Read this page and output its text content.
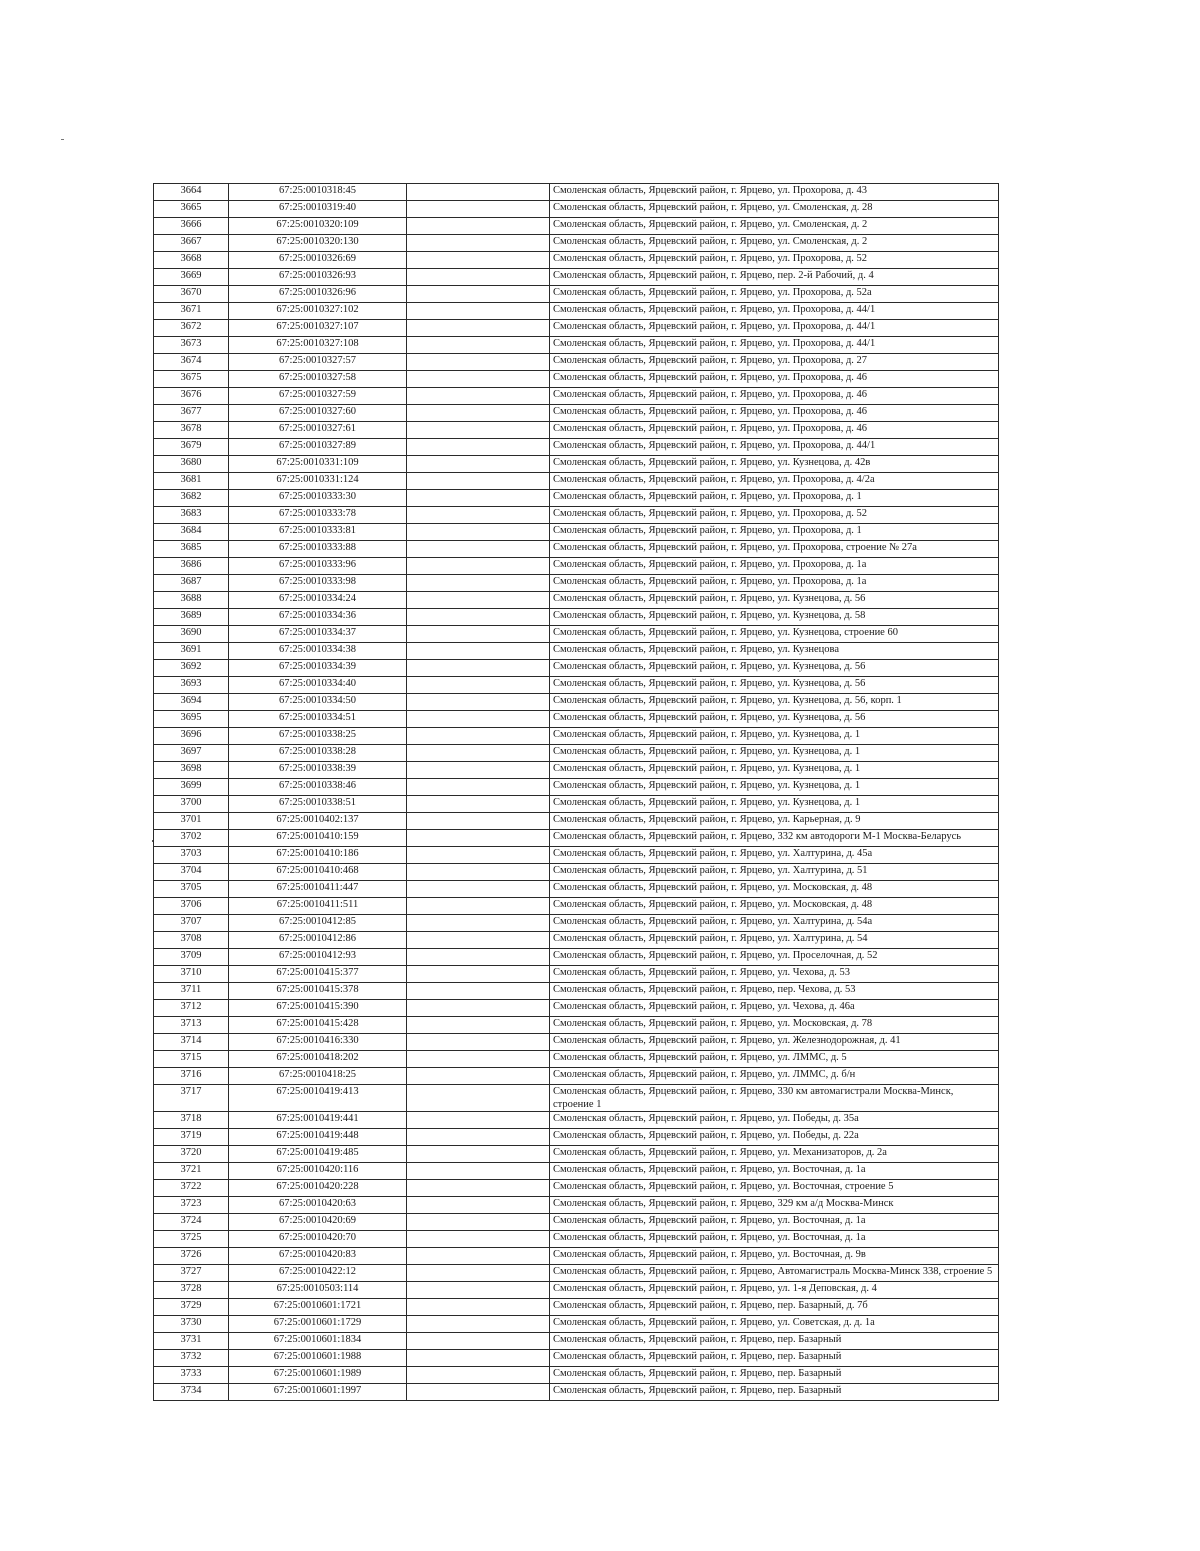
3664	67:25:0010318:45		Смоленская область, Ярцевский район, г. Ярцево, ул. Прохорова, д. 43
3665	67:25:0010319:40		Смоленская область, Ярцевский район, г. Ярцево, ул. Смоленская, д. 28
3666	67:25:0010320:109		Смоленская область, Ярцевский район, г. Ярцево, ул. Смоленская, д. 2
3667	67:25:0010320:130		Смоленская область, Ярцевский район, г. Ярцево, ул. Смоленская, д. 2
3668	67:25:0010326:69		Смоленская область, Ярцевский район, г. Ярцево, ул. Прохорова, д. 52
3669	67:25:0010326:93		Смоленская область, Ярцевский район, г. Ярцево, пер. 2-й Рабочий, д. 4
3670	67:25:0010326:96		Смоленская область, Ярцевский район, г. Ярцево, ул. Прохорова, д. 52а
3671	67:25:0010327:102		Смоленская область, Ярцевский район, г. Ярцево, ул. Прохорова, д. 44/1
3672	67:25:0010327:107		Смоленская область, Ярцевский район, г. Ярцево, ул. Прохорова, д. 44/1
3673	67:25:0010327:108		Смоленская область, Ярцевский район, г. Ярцево, ул. Прохорова, д. 44/1
3674	67:25:0010327:57		Смоленская область, Ярцевский район, г. Ярцево, ул. Прохорова, д. 27
3675	67:25:0010327:58		Смоленская область, Ярцевский район, г. Ярцево, ул. Прохорова, д. 46
3676	67:25:0010327:59		Смоленская область, Ярцевский район, г. Ярцево, ул. Прохорова, д. 46
3677	67:25:0010327:60		Смоленская область, Ярцевский район, г. Ярцево, ул. Прохорова, д. 46
3678	67:25:0010327:61		Смоленская область, Ярцевский район, г. Ярцево, ул. Прохорова, д. 46
3679	67:25:0010327:89		Смоленская область, Ярцевский район, г. Ярцево, ул. Прохорова, д. 44/1
3680	67:25:0010331:109		Смоленская область, Ярцевский район, г. Ярцево, ул. Кузнецова, д. 42в
3681	67:25:0010331:124		Смоленская область, Ярцевский район, г. Ярцево, ул. Прохорова, д. 4/2а
3682	67:25:0010333:30		Смоленская область, Ярцевский район, г. Ярцево, ул. Прохорова, д. 1
3683	67:25:0010333:78		Смоленская область, Ярцевский район, г. Ярцево, ул. Прохорова, д. 52
3684	67:25:0010333:81		Смоленская область, Ярцевский район, г. Ярцево, ул. Прохорова, д. 1
3685	67:25:0010333:88		Смоленская область, Ярцевский район, г. Ярцево, ул. Прохорова, строение № 27а
3686	67:25:0010333:96		Смоленская область, Ярцевский район, г. Ярцево, ул. Прохорова, д. 1а
3687	67:25:0010333:98		Смоленская область, Ярцевский район, г. Ярцево, ул. Прохорова, д. 1а
3688	67:25:0010334:24		Смоленская область, Ярцевский район, г. Ярцево, ул. Кузнецова, д. 56
3689	67:25:0010334:36		Смоленская область, Ярцевский район, г. Ярцево, ул. Кузнецова, д. 58
3690	67:25:0010334:37		Смоленская область, Ярцевский район, г. Ярцево, ул. Кузнецова, строение 60
3691	67:25:0010334:38		Смоленская область, Ярцевский район, г. Ярцево, ул. Кузнецова
3692	67:25:0010334:39		Смоленская область, Ярцевский район, г. Ярцево, ул. Кузнецова, д. 56
3693	67:25:0010334:40		Смоленская область, Ярцевский район, г. Ярцево, ул. Кузнецова, д. 56
3694	67:25:0010334:50		Смоленская область, Ярцевский район, г. Ярцево, ул. Кузнецова, д. 56, корп. 1
3695	67:25:0010334:51		Смоленская область, Ярцевский район, г. Ярцево, ул. Кузнецова, д. 56
3696	67:25:0010338:25		Смоленская область, Ярцевский район, г. Ярцево, ул. Кузнецова, д. 1
3697	67:25:0010338:28		Смоленская область, Ярцевский район, г. Ярцево, ул. Кузнецова, д. 1
3698	67:25:0010338:39		Смоленская область, Ярцевский район, г. Ярцево, ул. Кузнецова, д. 1
3699	67:25:0010338:46		Смоленская область, Ярцевский район, г. Ярцево, ул. Кузнецова, д. 1
3700	67:25:0010338:51		Смоленская область, Ярцевский район, г. Ярцево, ул. Кузнецова, д. 1
3701	67:25:0010402:137		Смоленская область, Ярцевский район, г. Ярцево, ул. Карьерная, д. 9
3702	67:25:0010410:159		Смоленская область, Ярцевский район, г. Ярцево, 332 км автодороги М-1 Москва-Беларусь
3703	67:25:0010410:186		Смоленская область, Ярцевский район, г. Ярцево, ул. Халтурина, д. 45а
3704	67:25:0010410:468		Смоленская область, Ярцевский район, г. Ярцево, ул. Халтурина, д. 51
3705	67:25:0010411:447		Смоленская область, Ярцевский район, г. Ярцево, ул. Московская, д. 48
3706	67:25:0010411:511		Смоленская область, Ярцевский район, г. Ярцево, ул. Московская, д. 48
3707	67:25:0010412:85		Смоленская область, Ярцевский район, г. Ярцево, ул. Халтурина, д. 54а
3708	67:25:0010412:86		Смоленская область, Ярцевский район, г. Ярцево, ул. Халтурина, д. 54
3709	67:25:0010412:93		Смоленская область, Ярцевский район, г. Ярцево, ул. Проселочная, д. 52
3710	67:25:0010415:377		Смоленская область, Ярцевский район, г. Ярцево, ул. Чехова, д. 53
3711	67:25:0010415:378		Смоленская область, Ярцевский район, г. Ярцево, пер. Чехова, д. 53
3712	67:25:0010415:390		Смоленская область, Ярцевский район, г. Ярцево, ул. Чехова, д. 46а
3713	67:25:0010415:428		Смоленская область, Ярцевский район, г. Ярцево, ул. Московская, д. 78
3714	67:25:0010416:330		Смоленская область, Ярцевский район, г. Ярцево, ул. Железнодорожная, д. 41
3715	67:25:0010418:202		Смоленская область, Ярцевский район, г. Ярцево, ул. ЛММС, д. 5
3716	67:25:0010418:25		Смоленская область, Ярцевский район, г. Ярцево, ул. ЛММС, д. б/н
3717	67:25:0010419:413		Смоленская область, Ярцевский район, г. Ярцево, 330 км автомагистрали Москва-Минск, строение 1
3718	67:25:0010419:441		Смоленская область, Ярцевский район, г. Ярцево, ул. Победы, д. 35а
3719	67:25:0010419:448		Смоленская область, Ярцевский район, г. Ярцево, ул. Победы, д. 22а
3720	67:25:0010419:485		Смоленская область, Ярцевский район, г. Ярцево, ул. Механизаторов, д. 2а
3721	67:25:0010420:116		Смоленская область, Ярцевский район, г. Ярцево, ул. Восточная, д. 1а
3722	67:25:0010420:228		Смоленская область, Ярцевский район, г. Ярцево, ул. Восточная, строение 5
3723	67:25:0010420:63		Смоленская область, Ярцевский район, г. Ярцево, 329 км а/д Москва-Минск
3724	67:25:0010420:69		Смоленская область, Ярцевский район, г. Ярцево, ул. Восточная, д. 1а
3725	67:25:0010420:70		Смоленская область, Ярцевский район, г. Ярцево, ул. Восточная, д. 1а
3726	67:25:0010420:83		Смоленская область, Ярцевский район, г. Ярцево, ул. Восточная, д. 9в
3727	67:25:0010422:12		Смоленская область, Ярцевский район, г. Ярцево, Автомагистраль Москва-Минск 338, строение 5
3728	67:25:0010503:114		Смоленская область, Ярцевский район, г. Ярцево, ул. 1-я Деповская, д. 4
3729	67:25:0010601:1721		Смоленская область, Ярцевский район, г. Ярцево, пер. Базарный, д. 7б
3730	67:25:0010601:1729		Смоленская область, Ярцевский район, г. Ярцево, ул. Советская, д. д. 1а
3731	67:25:0010601:1834		Смоленская область, Ярцевский район, г. Ярцево, пер. Базарный
3732	67:25:0010601:1988		Смоленская область, Ярцевский район, г. Ярцево, пер. Базарный
3733	67:25:0010601:1989		Смоленская область, Ярцевский район, г. Ярцево, пер. Базарный
3734	67:25:0010601:1997		Смоленская область, Ярцевский район, г. Ярцево, пер. Базарный
